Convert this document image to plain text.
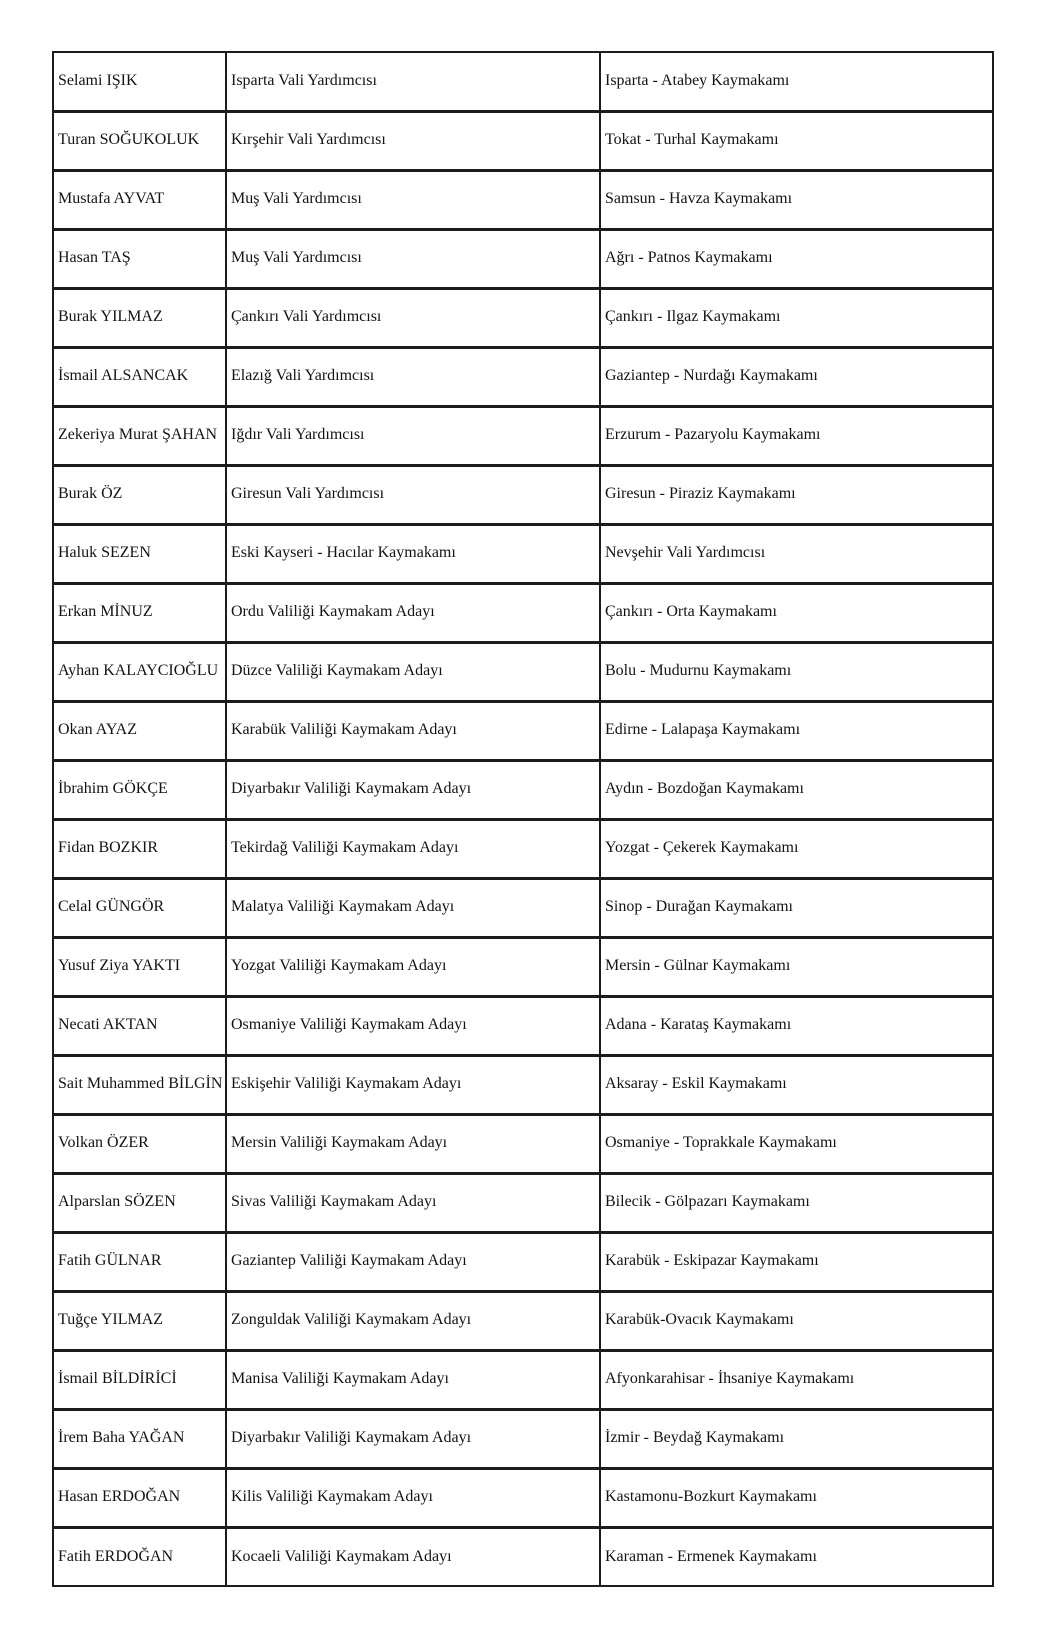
Selami IŞIK	Isparta Vali Yardımcısı	Isparta - Atabey Kaymakamı
Turan SOĞUKOLUK	Kırşehir Vali Yardımcısı	Tokat - Turhal Kaymakamı
Mustafa AYVAT	Muş Vali Yardımcısı	Samsun - Havza Kaymakamı
Hasan TAŞ	Muş Vali Yardımcısı	Ağrı - Patnos Kaymakamı
Burak YILMAZ	Çankırı Vali Yardımcısı	Çankırı - Ilgaz Kaymakamı
İsmail ALSANCAK	Elazığ Vali Yardımcısı	Gaziantep - Nurdağı Kaymakamı
Zekeriya Murat ŞAHAN	Iğdır Vali Yardımcısı	Erzurum - Pazaryolu Kaymakamı
Burak ÖZ	Giresun Vali Yardımcısı	Giresun - Piraziz Kaymakamı
Haluk SEZEN	Eski Kayseri - Hacılar Kaymakamı	Nevşehir Vali Yardımcısı
Erkan MİNUZ	Ordu Valiliği Kaymakam Adayı	Çankırı - Orta Kaymakamı
Ayhan KALAYCIOĞLU	Düzce Valiliği Kaymakam Adayı	Bolu - Mudurnu Kaymakamı
Okan AYAZ	Karabük Valiliği Kaymakam Adayı	Edirne - Lalapaşa Kaymakamı
İbrahim GÖKÇE	Diyarbakır Valiliği Kaymakam Adayı	Aydın - Bozdoğan Kaymakamı
Fidan BOZKIR	Tekirdağ Valiliği Kaymakam Adayı	Yozgat - Çekerek Kaymakamı
Celal GÜNGÖR	Malatya Valiliği Kaymakam Adayı	Sinop - Durağan Kaymakamı
Yusuf Ziya YAKTI	Yozgat Valiliği Kaymakam Adayı	Mersin - Gülnar Kaymakamı
Necati AKTAN	Osmaniye Valiliği Kaymakam Adayı	Adana - Karataş Kaymakamı
Sait Muhammed BİLGİN	Eskişehir Valiliği Kaymakam Adayı	Aksaray - Eskil Kaymakamı
Volkan ÖZER	Mersin Valiliği Kaymakam Adayı	Osmaniye - Toprakkale Kaymakamı
Alparslan SÖZEN	Sivas Valiliği Kaymakam Adayı	Bilecik - Gölpazarı Kaymakamı
Fatih GÜLNAR	Gaziantep Valiliği Kaymakam Adayı	Karabük - Eskipazar Kaymakamı
Tuğçe YILMAZ	Zonguldak Valiliği Kaymakam Adayı	Karabük-Ovacık Kaymakamı
İsmail BİLDİRİCİ	Manisa Valiliği Kaymakam Adayı	Afyonkarahisar - İhsaniye Kaymakamı
İrem Baha YAĞAN	Diyarbakır Valiliği Kaymakam Adayı	İzmir - Beydağ Kaymakamı
Hasan ERDOĞAN	Kilis Valiliği Kaymakam Adayı	Kastamonu-Bozkurt Kaymakamı
Fatih ERDOĞAN	Kocaeli Valiliği Kaymakam Adayı	Karaman - Ermenek Kaymakamı
